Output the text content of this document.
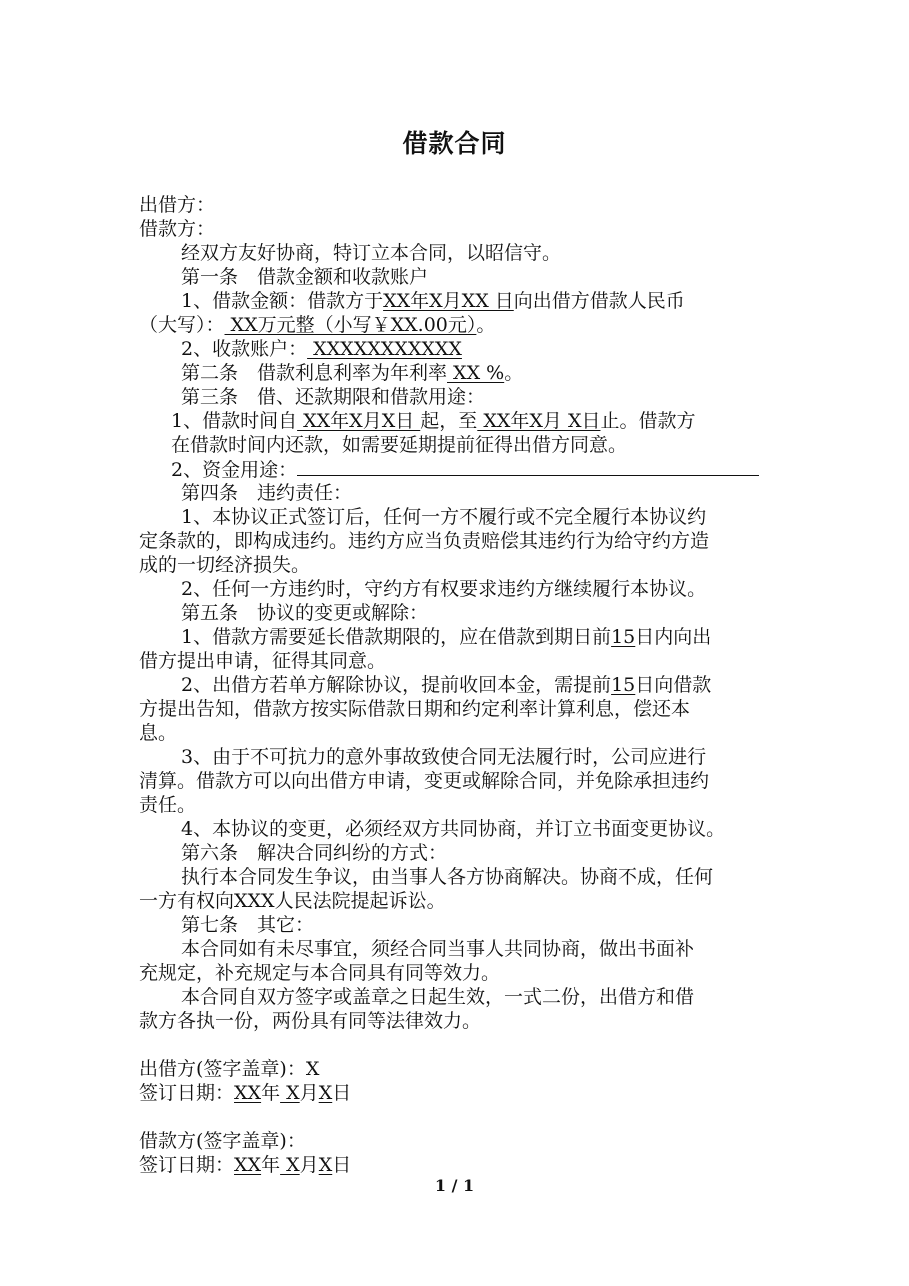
借款合同
出借方：
借款方：
经双方友好协商，特订立本合同，以昭信守。
第一条　借款金额和收款账户
1、借款金额：借款方于XX年X月XX 日向出借方借款人民币
（大写）： XX万元整（小写￥XX.00元）。
2、收款账户： XXXXXXXXXXX
第二条　借款利息利率为年利率 XX %。
第三条　借、还款期限和借款用途：
1、借款时间自 XX年X月X日 起，至 XX年X月 X日止。借款方
在借款时间内还款，如需要延期提前征得出借方同意。
2、资金用途：
第四条　违约责任：
1、本协议正式签订后，任何一方不履行或不完全履行本协议约
定条款的，即构成违约。违约方应当负责赔偿其违约行为给守约方造
成的一切经济损失。
2、任何一方违约时，守约方有权要求违约方继续履行本协议。
第五条　协议的变更或解除：
1、借款方需要延长借款期限的，应在借款到期日前15日内向出
借方提出申请，征得其同意。
2、出借方若单方解除协议，提前收回本金，需提前15日向借款
方提出告知，借款方按实际借款日期和约定利率计算利息，偿还本
息。
3、由于不可抗力的意外事故致使合同无法履行时，公司应进行
清算。借款方可以向出借方申请，变更或解除合同，并免除承担违约
责任。
4、本协议的变更，必须经双方共同协商，并订立书面变更协议。
第六条　解决合同纠纷的方式：
执行本合同发生争议，由当事人各方协商解决。协商不成，任何
一方有权向XXX人民法院提起诉讼。
第七条　其它：
本合同如有未尽事宜，须经合同当事人共同协商，做出书面补
充规定，补充规定与本合同具有同等效力。
本合同自双方签字或盖章之日起生效，一式二份，出借方和借
款方各执一份，两份具有同等法律效力。
出借方(签字盖章)：X
签订日期：XX年 X月X日
借款方(签字盖章)：
签订日期：XX年 X月X日
1 / 1
